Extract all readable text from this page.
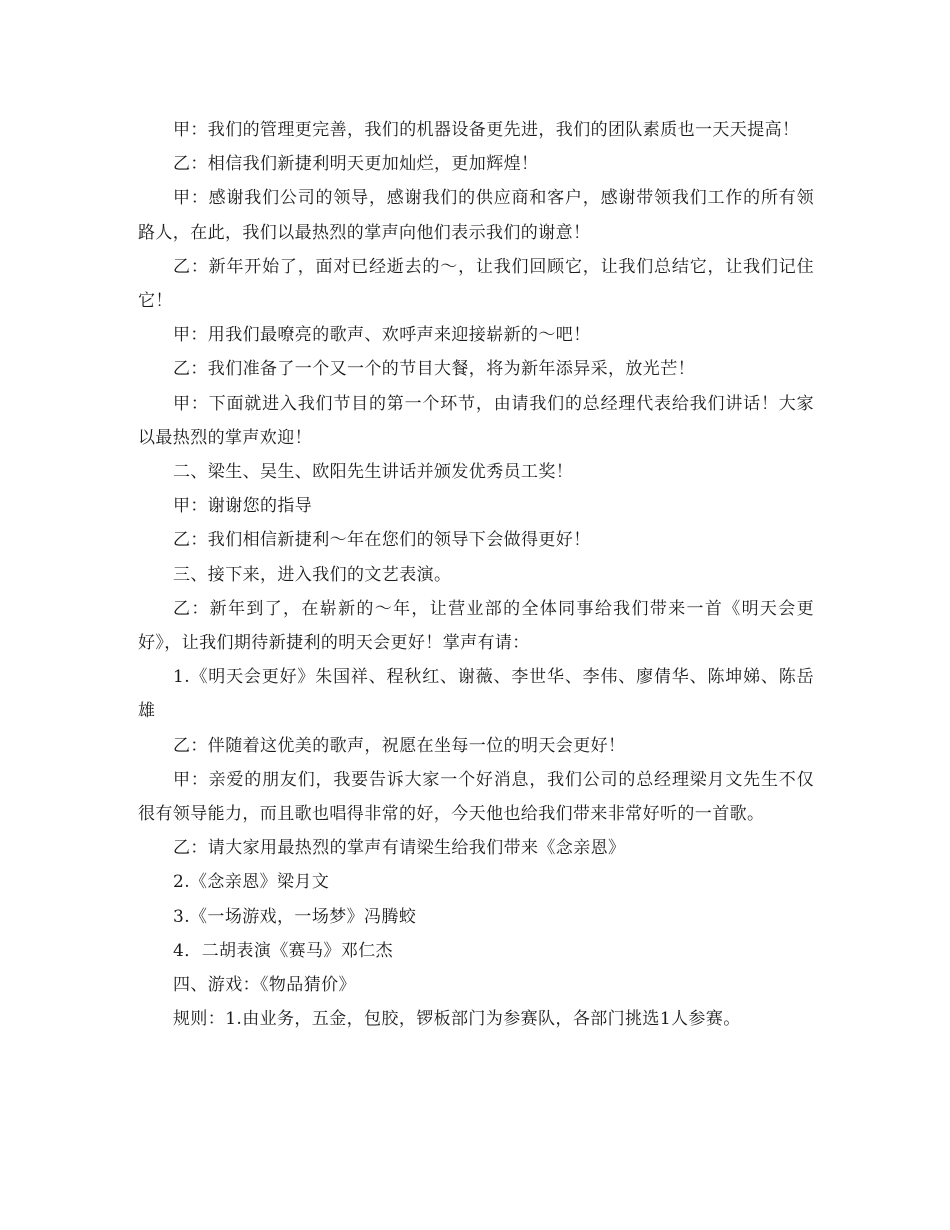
甲：我们的管理更完善，我们的机器设备更先进，我们的团队素质也一天天提高！

乙：相信我们新捷利明天更加灿烂，更加辉煌！

甲：感谢我们公司的领导，感谢我们的供应商和客户，感谢带领我们工作的所有领路人，在此，我们以最热烈的掌声向他们表示我们的谢意！

乙：新年开始了，面对已经逝去的～，让我们回顾它，让我们总结它，让我们记住它！

甲：用我们最嘹亮的歌声、欢呼声来迎接崭新的～吧！

乙：我们准备了一个又一个的节目大餐，将为新年添异采，放光芒！

甲：下面就进入我们节目的第一个环节，由请我们的总经理代表给我们讲话！大家以最热烈的掌声欢迎！

二、梁生、吴生、欧阳先生讲话并颁发优秀员工奖！

甲：谢谢您的指导

乙：我们相信新捷利～年在您们的领导下会做得更好！

三、接下来，进入我们的文艺表演。

乙：新年到了，在崭新的～年，让营业部的全体同事给我们带来一首《明天会更好》，让我们期待新捷利的明天会更好！掌声有请：

1.《明天会更好》朱国祥、程秋红、谢薇、李世华、李伟、廖倩华、陈坤娣、陈岳雄

乙：伴随着这优美的歌声，祝愿在坐每一位的明天会更好！

甲：亲爱的朋友们，我要告诉大家一个好消息，我们公司的总经理梁月文先生不仅很有领导能力，而且歌也唱得非常的好，今天他也给我们带来非常好听的一首歌。

乙：请大家用最热烈的掌声有请梁生给我们带来《念亲恩》

2.《念亲恩》梁月文

3.《一场游戏，一场梦》冯腾蛟

4．二胡表演《赛马》邓仁杰

四、游戏：《物品猜价》

规则：1.由业务，五金，包胶，锣板部门为参赛队，各部门挑选1人参赛。
